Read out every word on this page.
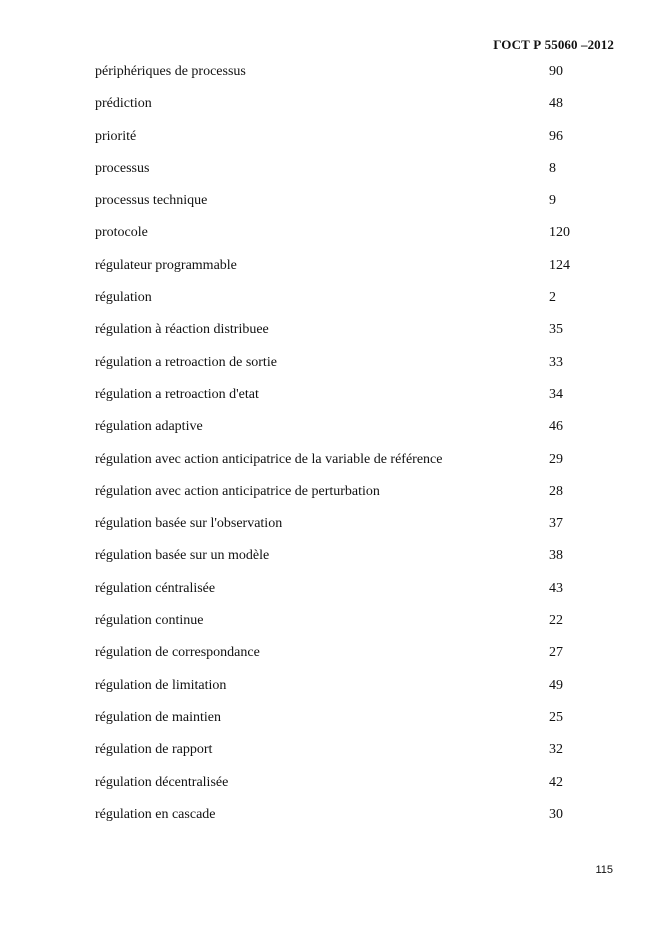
ГОСТ Р 55060 –2012
périphériques de processus	90
prédiction	48
priorité	96
processus	8
processus technique	9
protocole	120
régulateur programmable	124
régulation	2
régulation à réaction distribuee	35
régulation a retroaction de sortie	33
régulation a retroaction d'etat	34
régulation adaptive	46
régulation avec action anticipatrice de la variable de référence	29
régulation avec action anticipatrice de perturbation	28
régulation basée sur l'observation	37
régulation basée sur un modèle	38
régulation céntralisée	43
régulation continue	22
régulation de correspondance	27
régulation de limitation	49
régulation de maintien	25
régulation de rapport	32
régulation décentralisée	42
régulation en cascade	30
115
